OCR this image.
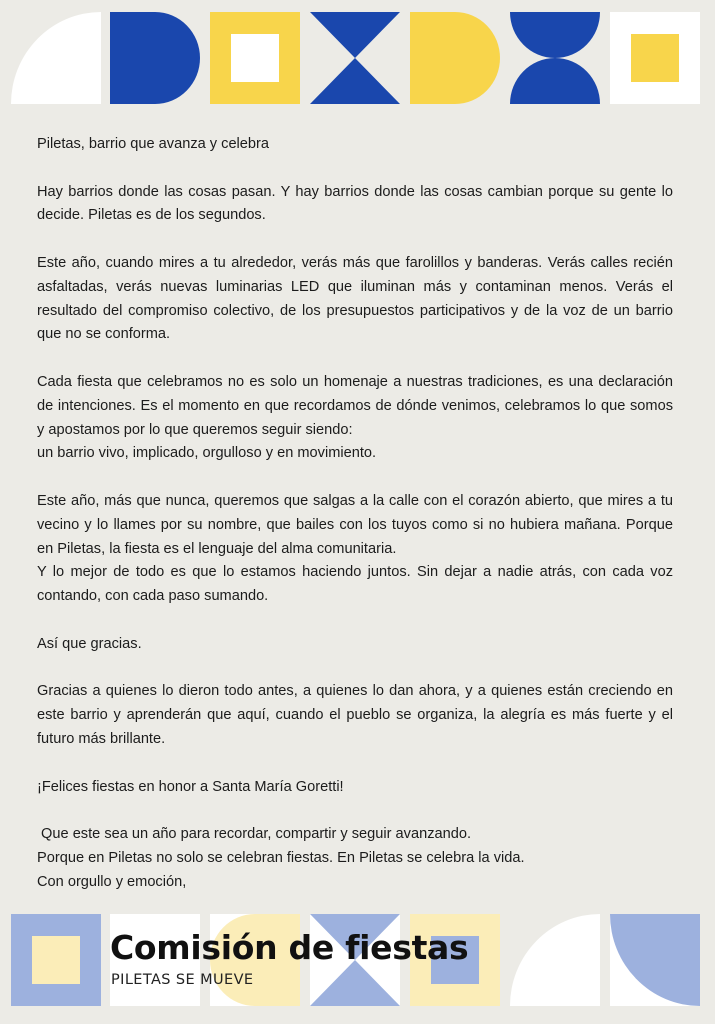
Piletas, barrio que avanza y celebra

Hay barrios donde las cosas pasan. Y hay barrios donde las cosas cambian porque su gente lo decide. Piletas es de los segundos.

Este año, cuando mires a tu alrededor, verás más que farolillos y banderas. Verás calles recién asfaltadas, verás nuevas luminarias LED que iluminan más y contaminan menos. Verás el resultado del compromiso colectivo, de los presupuestos participativos y de la voz de un barrio que no se conforma.

Cada fiesta que celebramos no es solo un homenaje a nuestras tradiciones, es una declaración de intenciones. Es el momento en que recordamos de dónde venimos, celebramos lo que somos y apostamos por lo que queremos seguir siendo:
un barrio vivo, implicado, orgulloso y en movimiento.

Este año, más que nunca, queremos que salgas a la calle con el corazón abierto, que mires a tu vecino y lo llames por su nombre, que bailes con los tuyos como si no hubiera mañana. Porque en Piletas, la fiesta es el lenguaje del alma comunitaria.
Y lo mejor de todo es que lo estamos haciendo juntos. Sin dejar a nadie atrás, con cada voz contando, con cada paso sumando.

Así que gracias.

Gracias a quienes lo dieron todo antes, a quienes lo dan ahora, y a quienes están creciendo en este barrio y aprenderán que aquí, cuando el pueblo se organiza, la alegría es más fuerte y el futuro más brillante.

¡Felices fiestas en honor a Santa María Goretti!

Que este sea un año para recordar, compartir y seguir avanzando.
Porque en Piletas no solo se celebran fiestas. En Piletas se celebra la vida.
Con orgullo y emoción,

Comisión de fiestas
PILETAS SE MUEVE
